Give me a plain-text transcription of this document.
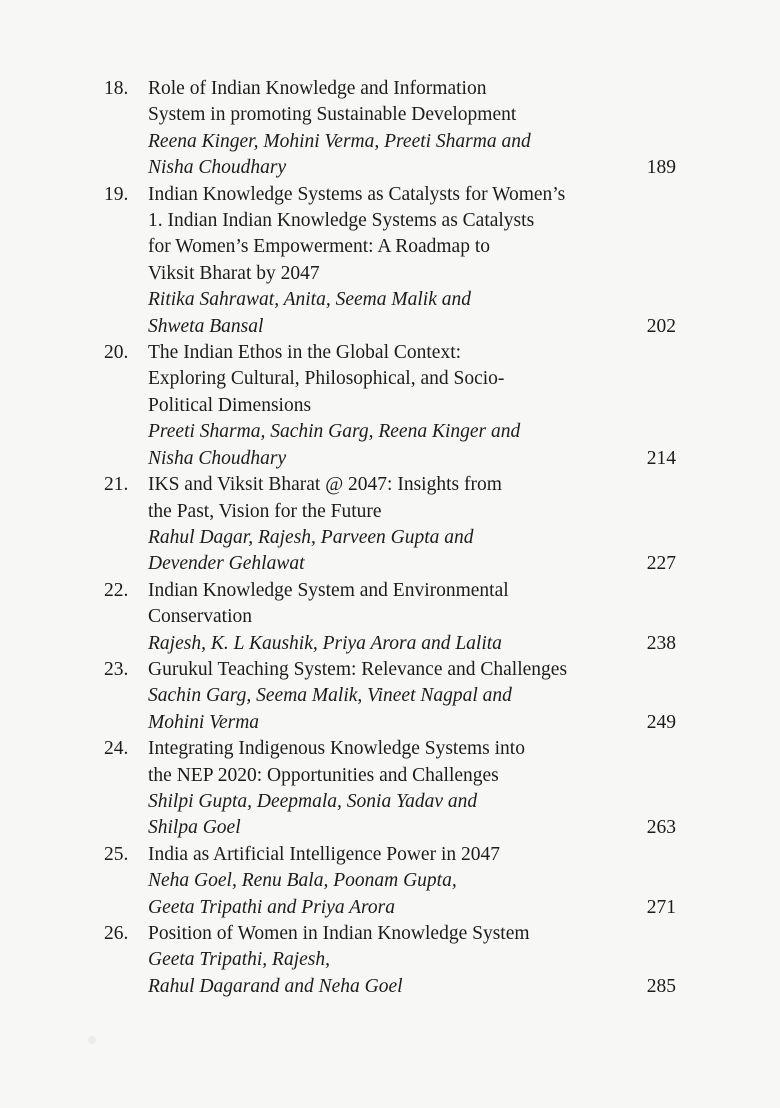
18.	Role of Indian Knowledge and Information
System in promoting Sustainable Development
Reena Kinger, Mohini Verma, Preeti Sharma and
Nisha Choudhary	189
19.	Indian Knowledge Systems as Catalysts for Women’s
1. Indian Indian Knowledge Systems as Catalysts
for Women’s Empowerment: A Roadmap to
Viksit Bharat by 2047
Ritika Sahrawat, Anita, Seema Malik and
Shweta Bansal	202
20.	The Indian Ethos in the Global Context:
Exploring Cultural, Philosophical, and Socio-
Political Dimensions
Preeti Sharma, Sachin Garg, Reena Kinger and
Nisha Choudhary	214
21.	IKS and Viksit Bharat @ 2047: Insights from
the Past, Vision for the Future
Rahul Dagar, Rajesh, Parveen Gupta and
Devender Gehlawat	227
22.	Indian Knowledge System and Environmental
Conservation
Rajesh, K. L Kaushik, Priya Arora and Lalita	238
23.	Gurukul Teaching System: Relevance and Challenges
Sachin Garg, Seema Malik, Vineet Nagpal and
Mohini Verma	249
24.	Integrating Indigenous Knowledge Systems into
the NEP 2020: Opportunities and Challenges
Shilpi Gupta, Deepmala, Sonia Yadav and
Shilpa Goel	263
25.	India as Artificial Intelligence Power in 2047
Neha Goel, Renu Bala, Poonam Gupta,
Geeta Tripathi and Priya Arora	271
26.	Position of Women in Indian Knowledge System
Geeta Tripathi, Rajesh,
Rahul Dagarand and Neha Goel	285
